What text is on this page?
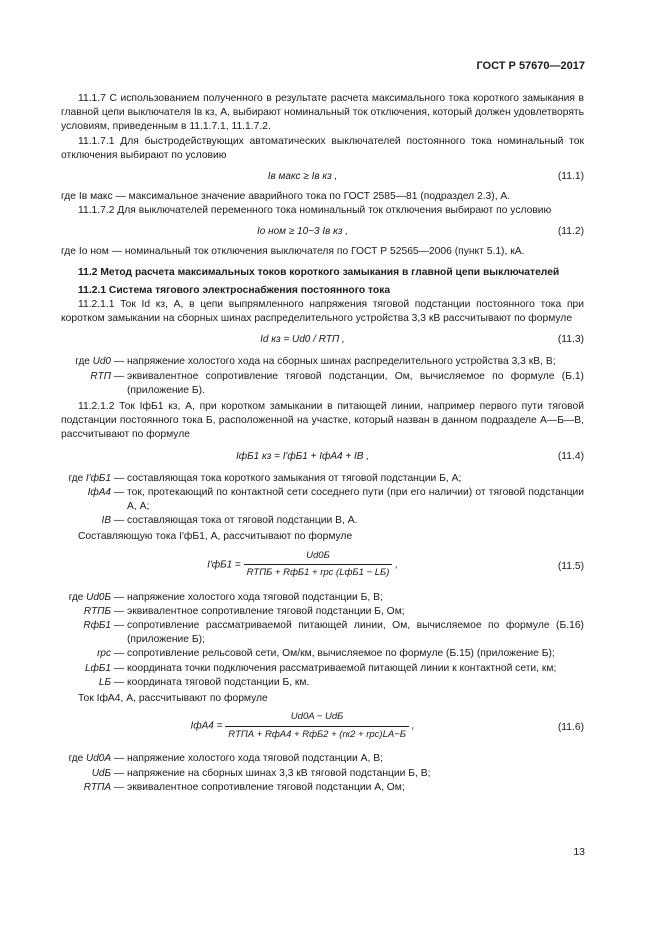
ГОСТ Р 57670—2017

11.1.7 С использованием полученного в результате расчета максимального тока короткого замыкания в главной цепи выключателя Iв кз, А, выбирают номинальный ток отключения, который должен удовлетворять условиям, приведенным в 11.1.7.1, 11.1.7.2.

11.1.7.1 Для быстродействующих автоматических выключателей постоянного тока номинальный ток отключения выбирают по условию

Iв макс ≥ Iв кз ,	(11.1)

где Iв макс — максимальное значение аварийного тока по ГОСТ 2585—81 (подраздел 2.3), А.

11.1.7.2 Для выключателей переменного тока номинальный ток отключения выбирают по условию

Iо ном ≥ 10−3 Iв кз ,	(11.2)

где Iо ном — номинальный ток отключения выключателя по ГОСТ Р 52565—2006 (пункт 5.1), кА.

11.2 Метод расчета максимальных токов короткого замыкания в главной цепи выключателей

11.2.1 Система тягового электроснабжения постоянного тока

11.2.1.1 Ток Id кз, А, в цепи выпрямленного напряжения тяговой подстанции постоянного тока при коротком замыкании на сборных шинах распределительного устройства 3,3 кВ рассчитывают по формуле

Id кз = Ud0 / RТП ,	(11.3)
где Ud0 — напряжение холостого хода на сборных шинах распределительного устройства 3,3 кВ, В;
RТП — эквивалентное сопротивление тяговой подстанции, Ом, вычисляемое по формуле (Б.1) (приложение Б).

11.2.1.2 Ток IфБ1 кз, А, при коротком замыкании в питающей линии, например первого пути тяговой подстанции постоянного тока Б, расположенной на участке, который назван в данном подразделе А—Б—В, рассчитывают по формуле

IфБ1 кз = I′фБ1 + IфА4 + IВ ,	(11.4)
где I′фБ1 — составляющая тока короткого замыкания от тяговой подстанции Б, А;
IфА4 — ток, протекающий по контактной сети соседнего пути (при его наличии) от тяговой подстанции А, А;
IВ — составляющая тока от тяговой подстанции В, А.

Составляющую тока I′фБ1, А, рассчитывают по формуле

$I'фБ1 = \frac{Ud0Б}{\text{RТПБ + RфБ1 + rрс (LфБ1 − LБ)}}$ ,	(11.5)
где Ud0Б — напряжение холостого хода тяговой подстанции Б, В;
RТПБ — эквивалентное сопротивление тяговой подстанции Б, Ом;
RфБ1 — сопротивление рассматриваемой питающей линии, Ом, вычисляемое по формуле (Б.16) (приложение Б);
rрс — сопротивление рельсовой сети, Ом/км, вычисляемое по формуле (Б.15) (приложение Б);
LфБ1 — координата точки подключения рассматриваемой питающей линии к контактной сети, км;
LБ — координата тяговой подстанции Б, км.

Ток IфА4, А, рассчитывают по формуле

$IфА4 = \frac{\text{Ud0A − UdБ}}{\text{RТПА + RфА4 + RфБ2 + (rк2 + rрс)LА−Б}}$ ,	(11.6)
где Ud0A — напряжение холостого хода тяговой подстанции А, В;
UdБ — напряжение на сборных шинах 3,3 кВ тяговой подстанции Б, В;
RТПА — эквивалентное сопротивление тяговой подстанции А, Ом;
13
